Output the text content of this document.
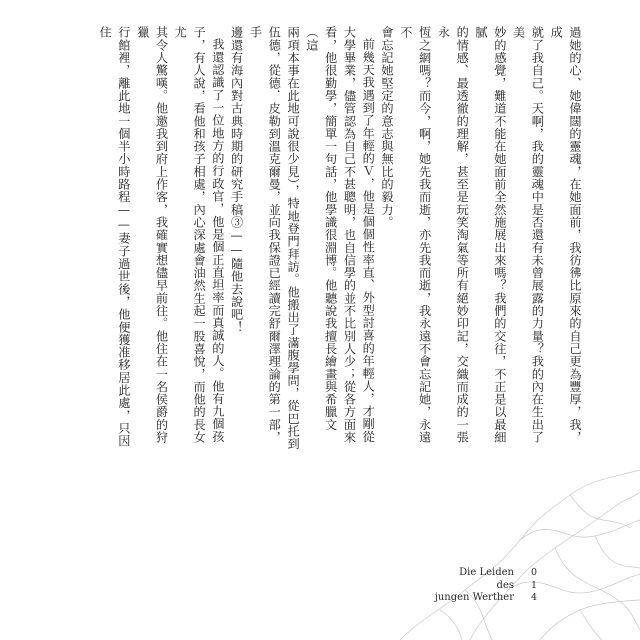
過她的心、她偉闊的靈魂，在她面前，我彷彿比原來的自己更為豐厚，我，成
就了我自己。天啊，我的靈魂中是否還有未曾展露的力量？我的內在生出了美
妙的感覺，難道不能在她面前全然施展出來嗎？我們的交往，不正是以最細膩
的情感、最透徹的理解，甚至是玩笑淘氣等所有絕妙印記，交織而成的一張永
恆之網嗎？而今，啊，她先我而逝，亦先我而逝，我永遠不會忘記她，永遠不
會忘記她堅定的意志與無比的毅力。
前幾天我遇到了年輕的Ｖ，他是個個性率直、外型討喜的年輕人，才剛從
大學畢業，儘管認為自己不甚聰明，也自信學的並不比別人少；從各方面來
看，他很勤學，簡單一句話，他學識很淵博。他聽說我擅長繪畫與希臘文（這
兩項本事在此地可說很少見），特地登門拜訪。他搬出了滿腹學問，從巴托到
伍德，從德．皮勒到溫克爾曼，並向我保證已經讀完舒爾澤理論的第一部，手
邊還有海內對古典時期的研究手稿③——隨他去說吧！
我還認識了一位地方的行政官，他是個正直坦率而真誠的人。他有九個孩
子，有人說，看他和孩子相處，內心深處會油然生起一股喜悅，而他的長女尤
其令人驚嘆。他邀我到府上作客，我確實想儘早前往。他住在一名侯爵的狩獵
行館裡，離此地一個半小時路程——妻子過世後，他便獲准移居此處，只因住
Die Leiden
des
jungen Werther
0
1
4
